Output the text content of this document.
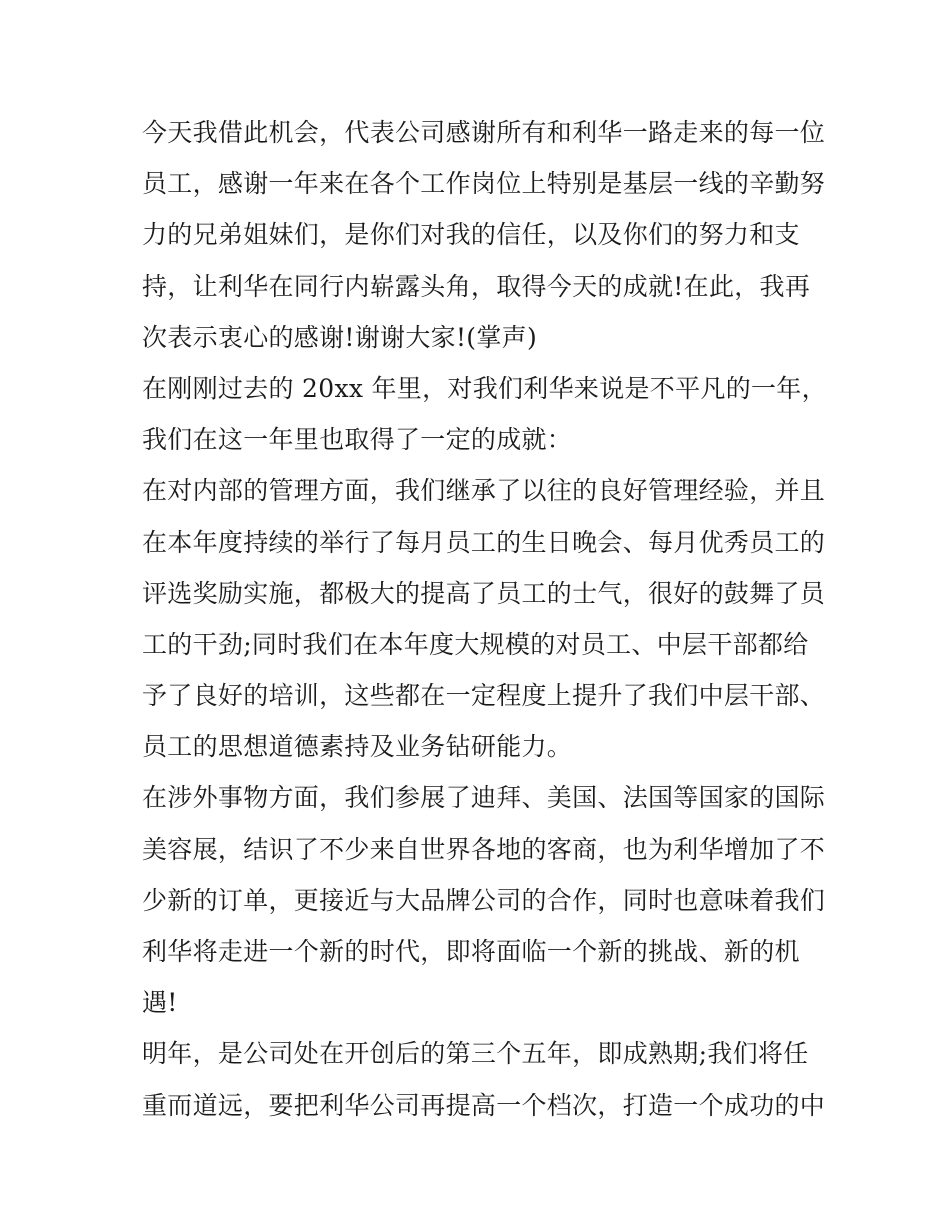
今天我借此机会，代表公司感谢所有和利华一路走来的每一位
员工，感谢一年来在各个工作岗位上特别是基层一线的辛勤努
力的兄弟姐妹们，是你们对我的信任，以及你们的努力和支
持，让利华在同行内崭露头角，取得今天的成就!在此，我再
次表示衷心的感谢!谢谢大家!(掌声)
在刚刚过去的 20xx 年里，对我们利华来说是不平凡的一年，
我们在这一年里也取得了一定的成就：
在对内部的管理方面，我们继承了以往的良好管理经验，并且
在本年度持续的举行了每月员工的生日晚会、每月优秀员工的
评选奖励实施，都极大的提高了员工的士气，很好的鼓舞了员
工的干劲;同时我们在本年度大规模的对员工、中层干部都给
予了良好的培训，这些都在一定程度上提升了我们中层干部、
员工的思想道德素持及业务钻研能力。
在涉外事物方面，我们参展了迪拜、美国、法国等国家的国际
美容展，结识了不少来自世界各地的客商，也为利华增加了不
少新的订单，更接近与大品牌公司的合作，同时也意味着我们
利华将走进一个新的时代，即将面临一个新的挑战、新的机
遇!
明年，是公司处在开创后的第三个五年，即成熟期;我们将任
重而道远，要把利华公司再提高一个档次，打造一个成功的中
